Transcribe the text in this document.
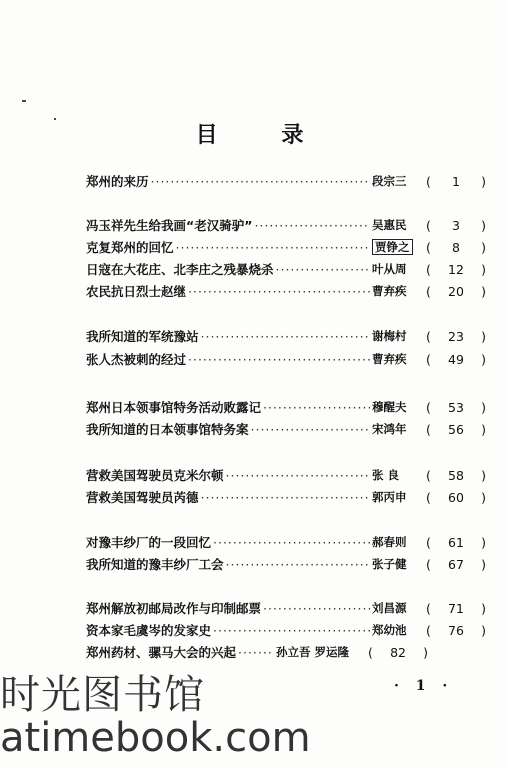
目 录
郑州的来历 ·····	段宗三	(	1	)
冯玉祥先生给我画“老汉骑驴” ·····	吴惠民	(	3	)
克复郑州的回忆 ·····	贾铮之	(	8	)
日寇在大花庄、北李庄之残暴烧杀 ·····	叶从周	(	12	)
农民抗日烈士赵继 ·····	曹弃疾	(	20	)
我所知道的军统豫站 ·····	谢梅村	(	23	)
张人杰被刺的经过 ·····	曹弃疾	(	49	)
郑州日本领事馆特务活动败露记 ·····	穆醒夫	(	53	)
我所知道的日本领事馆特务案 ·····	宋鸿年	(	56	)
营救美国驾驶员克米尔顿 ·····	张 良	(	58	)
营救美国驾驶员芮德 ·····	郭丙申	(	60	)
对豫丰纱厂的一段回忆 ·····	郝春则	(	61	)
我所知道的豫丰纱厂工会 ·····	张子健	(	67	)
郑州解放初邮局改作与印制邮票 ·····	刘昌源	(	71	)
资本家毛虞岑的发家史 ·····	郑幼池	(	76	)
郑州药材、骡马大会的兴起 ·····	孙立吾 罗运隆	(	82	)
· 1 ·
时光图书馆
atimebook.com
